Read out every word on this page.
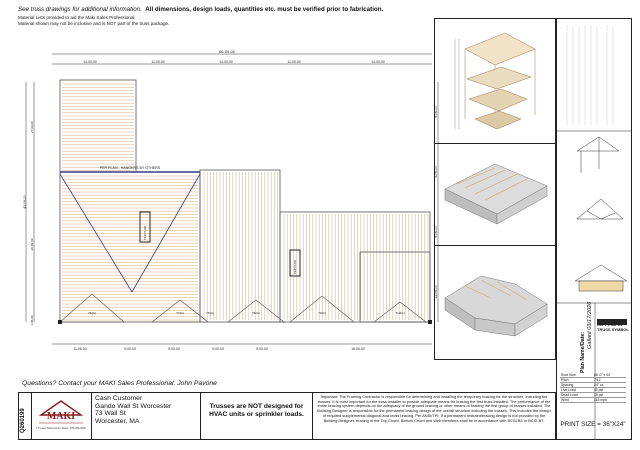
See truss drawings for additional information. All dimensions, design loads, quantities etc. must be verified prior to fabrication.
Material Lists provided to aid the Maki Sales Professional.
Material shown may not be inclusive and is NOT part of the truss package.
66-00-00
14-00-00	11-00-00	14-00-00	11-00-00	14-00-00
43-09-00
27-09-00
20-09-00
1-05-00
9-06-00
9-06-00
9-06-00
13-06-00
11-06-00	9-00-00	9-00-00	9-00-00	9-00-00	16-06-00
PER PLAN - HANGERS BY OTHERS
PER PLAN
PER PLAN
T6(G)	T7(G)	T5(G)	T8(G)	T9(G)	T10(G)
LEFT END OF TRUSS SYMBOL
Plan Name/Date:
Gallant 03/17/2026
Roof Size	66'-0" x 43'
Pitch	7/12
Spacing	24" oc
Live Load	40 psf
Dead Load	15 psf
Wind	115 mph
Questions? Contact your MAKI Sales Professional: John Pavone
Q260199 MAKI
77 Lowe Street Acton, Mass. 978-264-0000
Cash Customer
Gando Wall St Worcester
73 Wall St
Worcester, MA
Trusses are NOT designed for
HVAC units or sprinkler loads.
Important: The Framing Contractor is responsible for determining and installing the temporary bracing for the structure, including the trusses. It is most important for the truss installer to provide adequate means for bracing the first truss installed. The performance of the entire bracing system depends on the adequacy of the ground bracing or other means of bracing the first group of trusses installed. The Building Designer is responsible for the permanent bracing design of the overall structure including the trusses. This includes the design of required supplemental diagonal and cross bracing. Per ANSI/TPI: If a permanent restraint/bracing design is not provided by the Building Designer, bracing of the Top Chord, Bottom Chord and Web Members shall be in accordance with BCSI-B3 or BCSI-B7.
PRINT SIZE = 36"X24"
